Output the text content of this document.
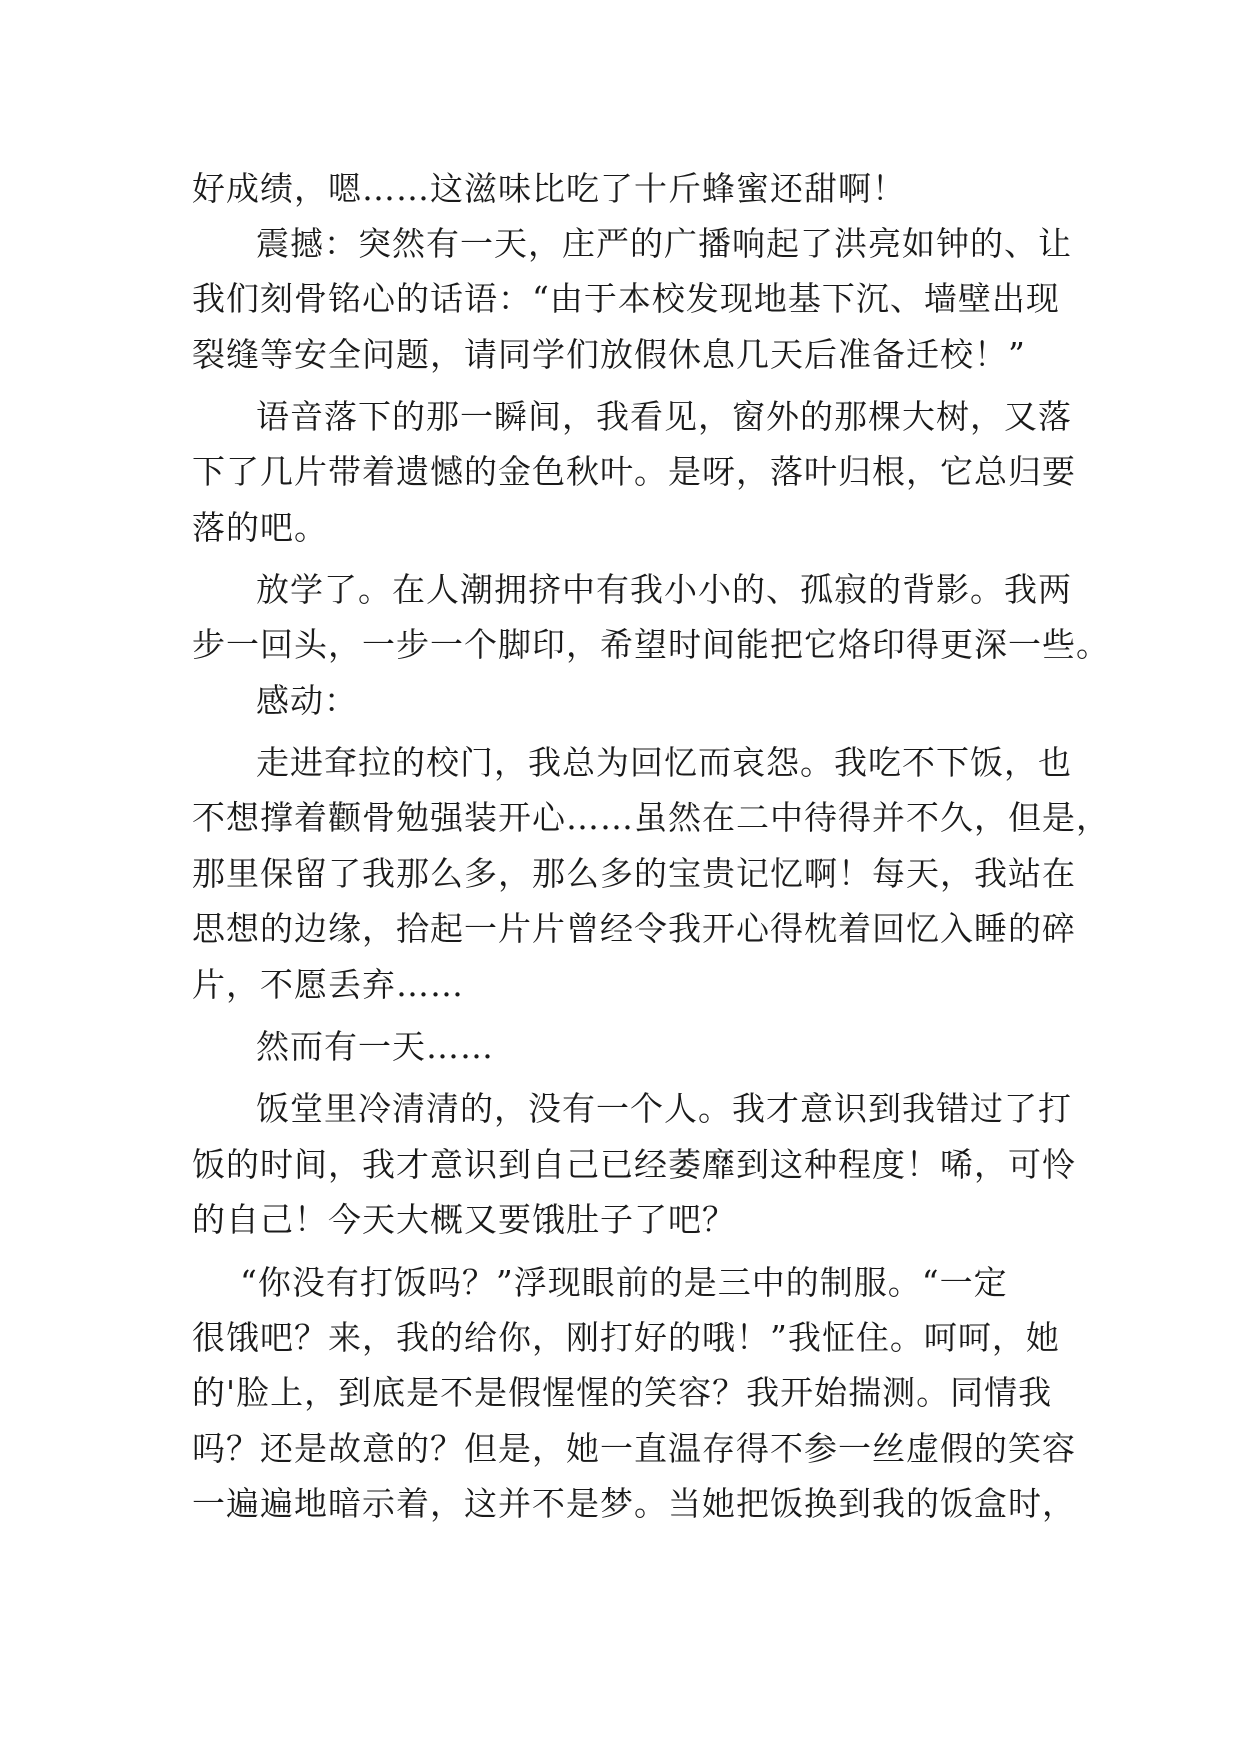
好成绩，嗯……这滋味比吃了十斤蜂蜜还甜啊！
震撼：突然有一天，庄严的广播响起了洪亮如钟的、让
我们刻骨铭心的话语：“由于本校发现地基下沉、墙壁出现
裂缝等安全问题，请同学们放假休息几天后准备迁校！”
语音落下的那一瞬间，我看见，窗外的那棵大树，又落
下了几片带着遗憾的金色秋叶。是呀，落叶归根，它总归要
落的吧。
放学了。在人潮拥挤中有我小小的、孤寂的背影。我两
步一回头，一步一个脚印，希望时间能把它烙印得更深一些。
感动：
走进耷拉的校门，我总为回忆而哀怨。我吃不下饭，也
不想撑着颧骨勉强装开心……虽然在二中待得并不久，但是，
那里保留了我那么多，那么多的宝贵记忆啊！每天，我站在
思想的边缘，拾起一片片曾经令我开心得枕着回忆入睡的碎
片，不愿丢弃……
然而有一天……
饭堂里冷清清的，没有一个人。我才意识到我错过了打
饭的时间，我才意识到自己已经萎靡到这种程度！唏，可怜
的自己！今天大概又要饿肚子了吧？
“你没有打饭吗？”浮现眼前的是三中的制服。“一定
很饿吧？来，我的给你，刚打好的哦！”我怔住。呵呵，她
的'脸上，到底是不是假惺惺的笑容？我开始揣测。同情我
吗？还是故意的？但是，她一直温存得不参一丝虚假的笑容
一遍遍地暗示着，这并不是梦。当她把饭换到我的饭盒时，
